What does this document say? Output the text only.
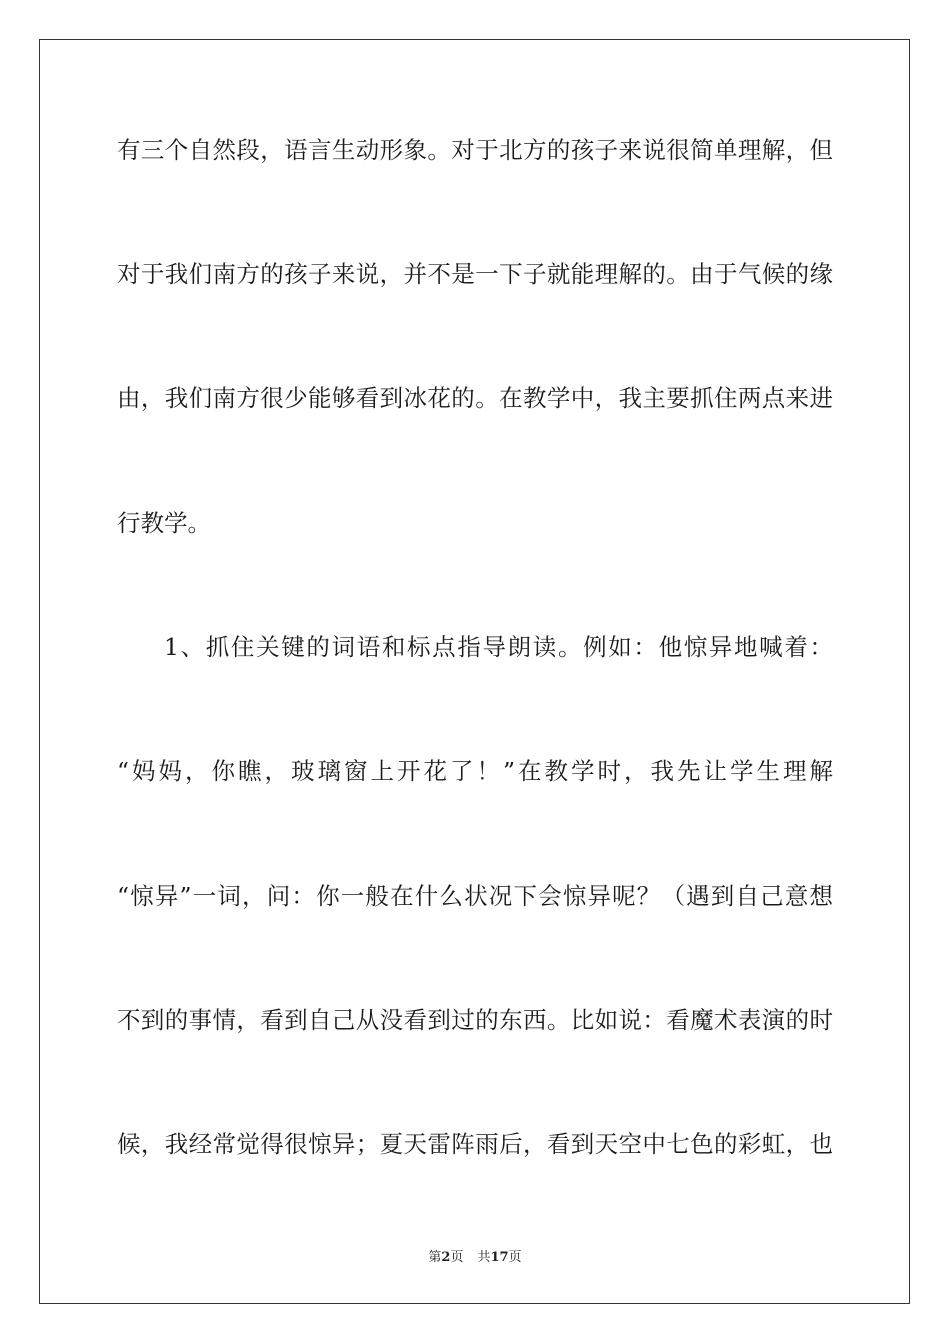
有三个自然段，语言生动形象。对于北方的孩子来说很简单理解，但
对于我们南方的孩子来说，并不是一下子就能理解的。由于气候的缘
由，我们南方很少能够看到冰花的。在教学中，我主要抓住两点来进
行教学。
1、抓住关键的词语和标点指导朗读。例如：他惊异地喊着：
“妈妈，你瞧，玻璃窗上开花了！”在教学时，我先让学生理解
“惊异”一词，问：你一般在什么状况下会惊异呢？（遇到自己意想
不到的事情，看到自己从没看到过的东西。比如说：看魔术表演的时
候，我经常觉得很惊异；夏天雷阵雨后，看到天空中七色的彩虹，也
第2页 共17页
